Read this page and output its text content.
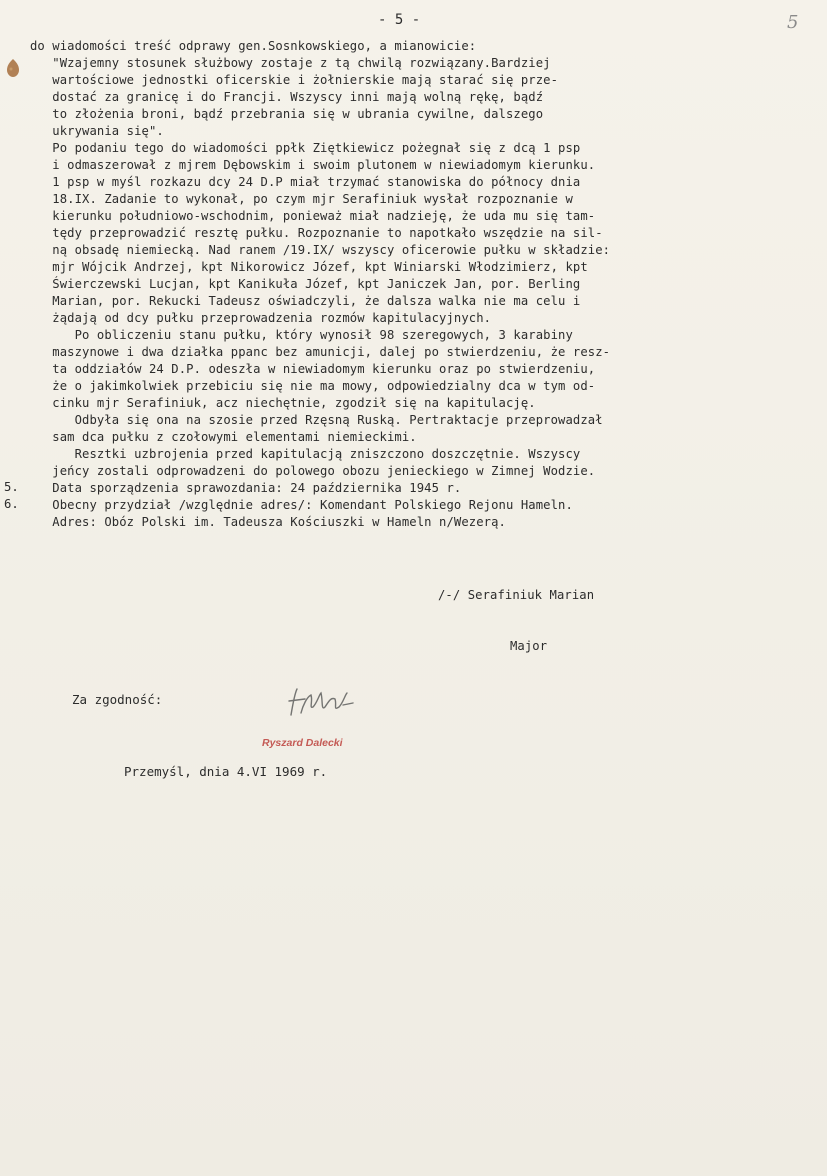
- 5 -	5
do wiadomości treść odprawy gen.Sosnkowskiego, a mianowicie:
"Wzajemny stosunek służbowy zostaje z tą chwilą rozwiązany.Bardziej
wartościowe jednostki oficerskie i żołnierskie mają starać się prze-
dostać za granicę i do Francji. Wszyscy inni mają wolną rękę, bądź
to złożenia broni, bądź przebrania się w ubrania cywilne, dalszego
ukrywania się".
Po podaniu tego do wiadomości ppłk Ziętkiewicz pożegnał się z dcą 1 psp
i odmaszerował z mjrem Dębowskim i swoim plutonem w niewiadomym kierunku.
1 psp w myśl rozkazu dcy 24 D.P miał trzymać stanowiska do północy dnia
18.IX. Zadanie to wykonał, po czym mjr Serafiniuk wysłał rozpoznanie w
kierunku południowo-wschodnim, ponieważ miał nadzieję, że uda mu się tam-
tędy przeprowadzić resztę pułku. Rozpoznanie to napotkało wszędzie na sil-
ną obsadę niemiecką. Nad ranem /19.IX/ wszyscy oficerowie pułku w składzie:
mjr Wójcik Andrzej, kpt Nikorowicz Józef, kpt Winiarski Włodzimierz, kpt
Świerczewski Lucjan, kpt Kanikuła Józef, kpt Janiczek Jan, por. Berling
Marian, por. Rekucki Tadeusz oświadczyli, że dalsza walka nie ma celu i
żądają od dcy pułku przeprowadzenia rozmów kapitulacyjnych.
Po obliczeniu stanu pułku, który wynosił 98 szeregowych, 3 karabiny
maszynowe i dwa działka ppanc bez amunicji, dalej po stwierdzeniu, że resz-
ta oddziałów 24 D.P. odeszła w niewiadomym kierunku oraz po stwierdzeniu,
że o jakimkolwiek przebiciu się nie ma mowy, odpowiedzialny dca w tym od-
cinku mjr Serafiniuk, acz niechętnie, zgodził się na kapitulację.
Odbyła się ona na szosie przed Rzęsną Ruską. Pertraktacje przeprowadzał
sam dca pułku z czołowymi elementami niemieckimi.
Resztki uzbrojenia przed kapitulacją zniszczono doszczętnie. Wszyscy
jeńcy zostali odprowadzeni do polowego obozu jenieckiego w Zimnej Wodzie.
Data sporządzenia sprawozdania: 24 października 1945 r.
Obecny przydział /względnie adres/: Komendant Polskiego Rejonu Hameln.
Adres: Obóz Polski im. Tadeusza Kościuszki w Hameln n/Wezerą.
5.
6.

/-/ Serafiniuk Marian

Major

Za zgodność:

Przemyśl, dnia 4.VI 1969 r.

Ryszard Dalecki
